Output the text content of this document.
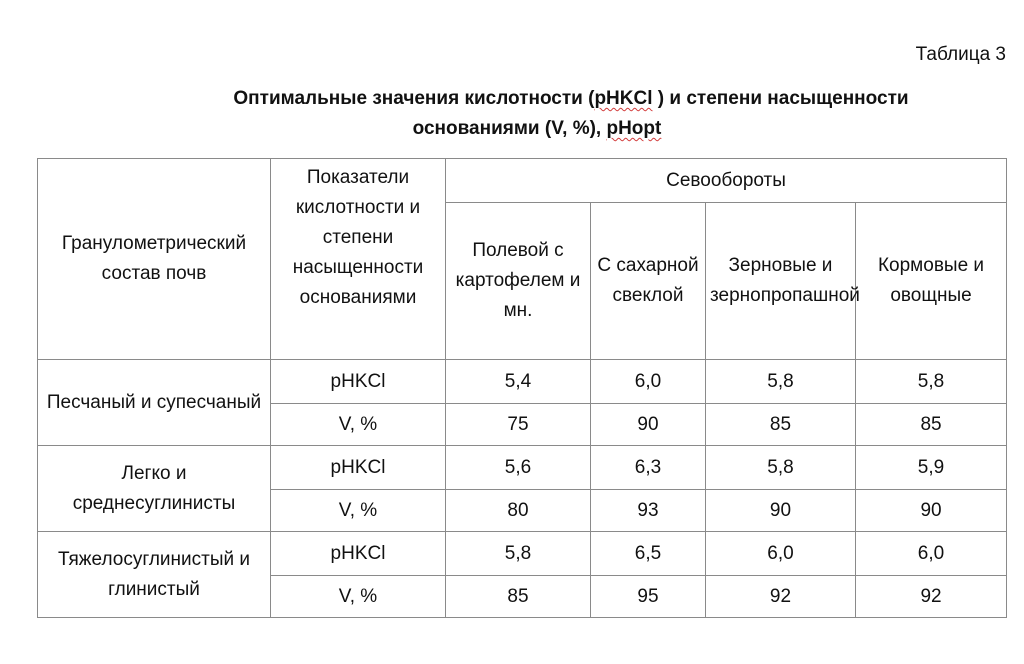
Таблица 3
Оптимальные значения кислотности (pHKCl ) и степени насыщенности
основаниями (V, %), pHopt
Гранулометрический состав почв	Показатели кислотности и степени насыщенности основаниями	Севообороты			
		Полевой с картофелем и мн.	С сахарной свеклой	Зерновые и зернопропашной	Кормовые и овощные
Песчаный и супесчаный	pHKCl	5,4	6,0	5,8	5,8
	V, %	75	90	85	85
Легко и среднесуглинисты	pHKCl	5,6	6,3	5,8	5,9
	V, %	80	93	90	90
Тяжелосуглинистый и глинистый	pHKCl	5,8	6,5	6,0	6,0
	V, %	85	95	92	92
